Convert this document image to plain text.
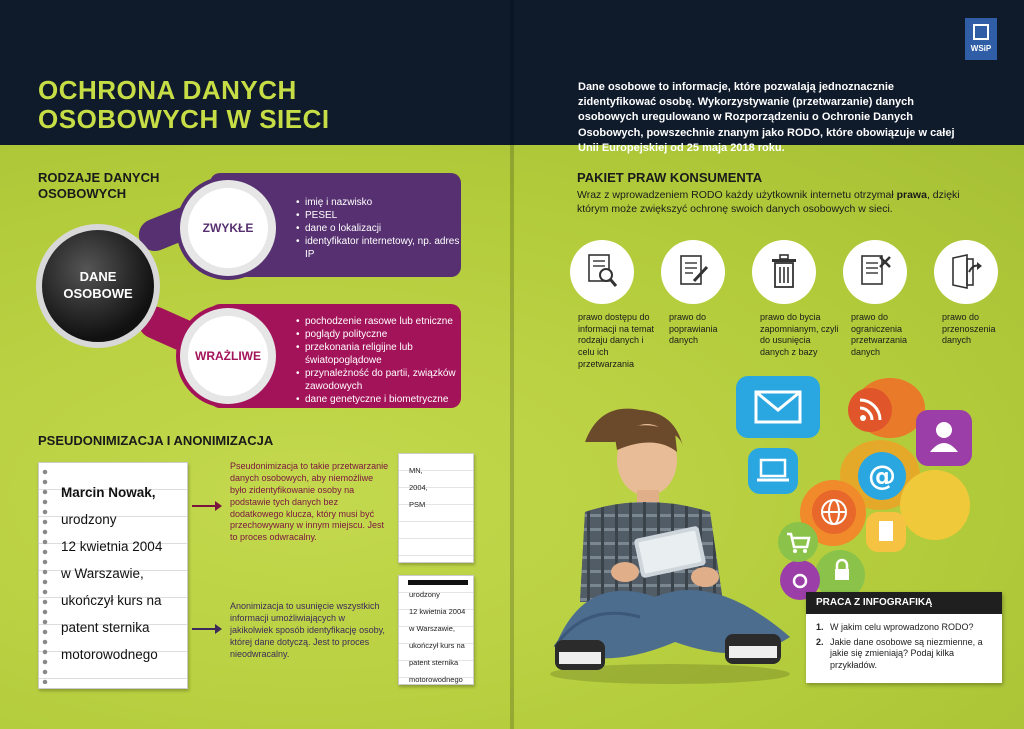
OCHRONA DANYCH
OSOBOWYCH W SIECI
Dane osobowe to informacje, które pozwalają jednoznacznie zidentyfikować osobę. Wykorzystywanie (przetwarzanie) danych osobowych uregulowano w Rozporządzeniu o Ochronie Danych Osobowych, powszechnie znanym jako RODO, które obowiązuje w całej Unii Europejskiej od 25 maja 2018 roku.
WSiP
RODZAJE DANYCH
OSOBOWYCH
• imię i nazwisko
• PESEL
• dane o lokalizacji
• identyfikator internetowy, np. adres IP
• pochodzenie rasowe lub etniczne
• poglądy polityczne
• przekonania religijne lub światopoglądowe
• przynależność do partii, związków zawodowych
• dane genetyczne i biometryczne
DANE
OSOBOWE
ZWYKŁE
WRAŻLIWE
PSEUDONIMIZACJA I ANONIMIZACJA
Marcin Nowak,
urodzony
12 kwietnia 2004
w Warszawie,
ukończył kurs na
patent sternika
motorowodnego
Pseudonimizacja to takie przetwarzanie danych osobowych, aby niemożliwe było zidentyfikowanie osoby na podstawie tych danych bez dodatkowego klucza, który musi być przechowywany w innym miejscu. Jest to proces odwracalny.
Anonimizacja to usunięcie wszystkich informacji umożliwiających w jakikolwiek sposób identyfikację osoby, której dane dotyczą. Jest to proces nieodwracalny.
MN,
2004,
PSM
urodzony
12 kwietnia 2004
w Warszawie,
ukończył kurs na
patent sternika
motorowodnego
PAKIET PRAW KONSUMENTA
Wraz z wprowadzeniem RODO każdy użytkownik internetu otrzymał prawa, dzięki którym może zwiększyć ochronę swoich danych osobowych w sieci.
prawo dostępu do informacji na temat rodzaju danych i celu ich przetwarzania
prawo do poprawiania danych
prawo do bycia zapomnianym, czyli do usunięcia danych z bazy
prawo do ograniczenia przetwarzania danych
prawo do przenoszenia danych
@
PRACA Z INFOGRAFIKĄ
1. W jakim celu wprowadzono RODO?
2. Jakie dane osobowe są niezmienne, a jakie się zmieniają? Podaj kilka przykładów.
